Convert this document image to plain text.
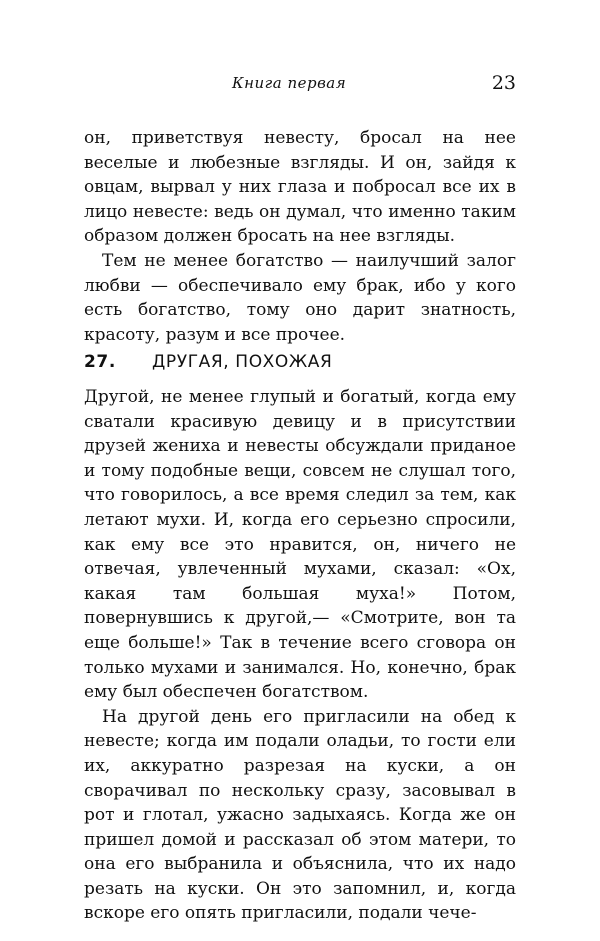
Книга первая	23

он, приветствуя невесту, бросал на нее веселые и любезные взгляды. И он, зайдя к овцам, вырвал у них глаза и побросал все их в лицо невесте: ведь он думал, что именно таким образом должен бросать на нее взгляды.

Тем не менее богатство — наилучший залог любви — обеспечивало ему брак, ибо у кого есть богатство, тому оно дарит знатность, красоту, разум и все прочее.

27. ДРУГАЯ, ПОХОЖАЯ

Другой, не менее глупый и богатый, когда ему сватали красивую девицу и в присутствии друзей жениха и невесты обсуждали приданое и тому подобные вещи, совсем не слушал того, что говорилось, а все время следил за тем, как летают мухи. И, когда его серьезно спросили, как ему все это нравится, он, ничего не отвечая, увлеченный мухами, сказал: «Ох, какая там большая муха!» Потом, повернувшись к другой,— «Смотрите, вон та еще больше!» Так в течение всего сговора он только мухами и занимался. Но, конечно, брак ему был обеспечен богатством.

На другой день его пригласили на обед к невесте; когда им подали оладьи, то гости ели их, аккуратно разрезая на куски, а он сворачивал по нескольку сразу, засовывал в рот и глотал, ужасно задыхаясь. Когда же он пришел домой и рассказал об этом матери, то она его выбранила и объяснила, что их надо резать на куски. Он это запомнил, и, когда вскоре его опять пригласили, подали чече-
